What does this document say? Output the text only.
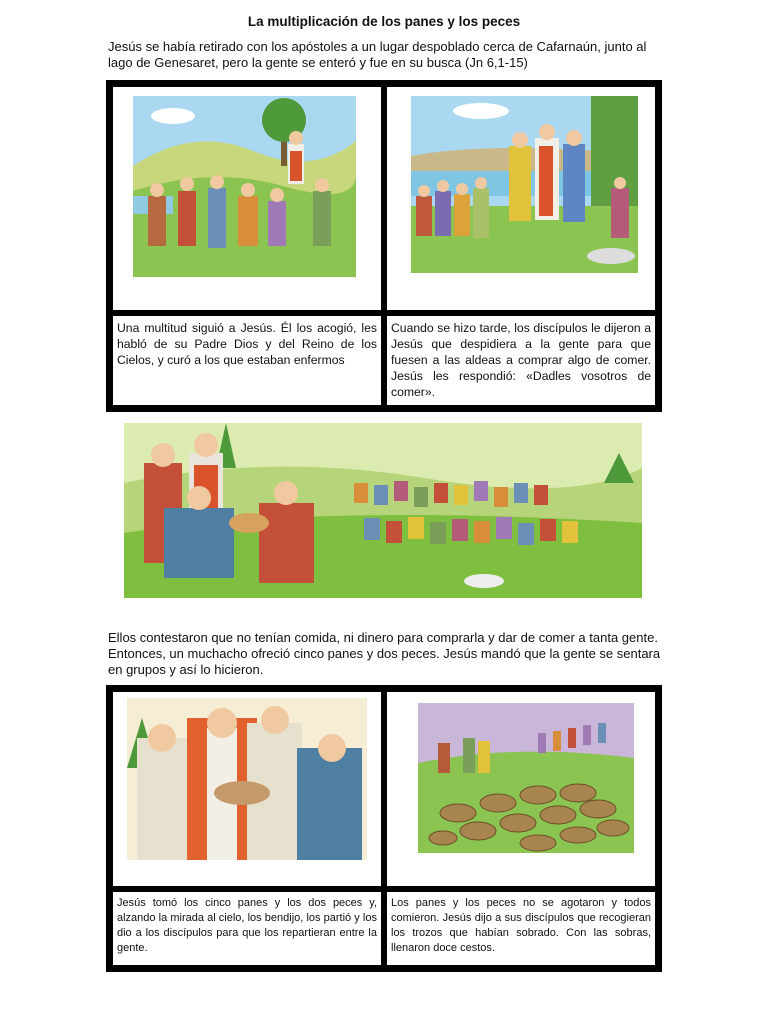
La multiplicación de los panes y los peces
Jesús se había retirado con los apóstoles a un lugar despoblado cerca de Cafarnaún, junto al lago de Genesaret, pero la gente se enteró y fue en su busca (Jn 6,1-15)
Una multitud siguió a Jesús. Él los acogió, les habló de su Padre Dios y del Reino de los Cielos, y curó a los que estaban enfermos
Cuando se hizo tarde, los discípulos le dijeron a Jesús que despidiera a la gente para que fuesen a las aldeas a comprar algo de comer. Jesús les respondió: «Dadles vosotros de comer».
Ellos contestaron que no tenían comida, ni dinero para comprarla y dar de comer a tanta gente. Entonces, un muchacho ofreció cinco panes y dos peces. Jesús mandó que la gente se sentara en grupos y así lo hicieron.
Jesús tomó los cinco panes y los dos peces y, alzando la mirada al cielo, los bendijo, los partió y los dio a los discípulos para que los repartieran entre la gente.
Los panes y los peces no se agotaron y todos comieron. Jesús dijo a sus discípulos que recogieran los trozos que habían sobrado. Con las sobras, llenaron doce cestos.
